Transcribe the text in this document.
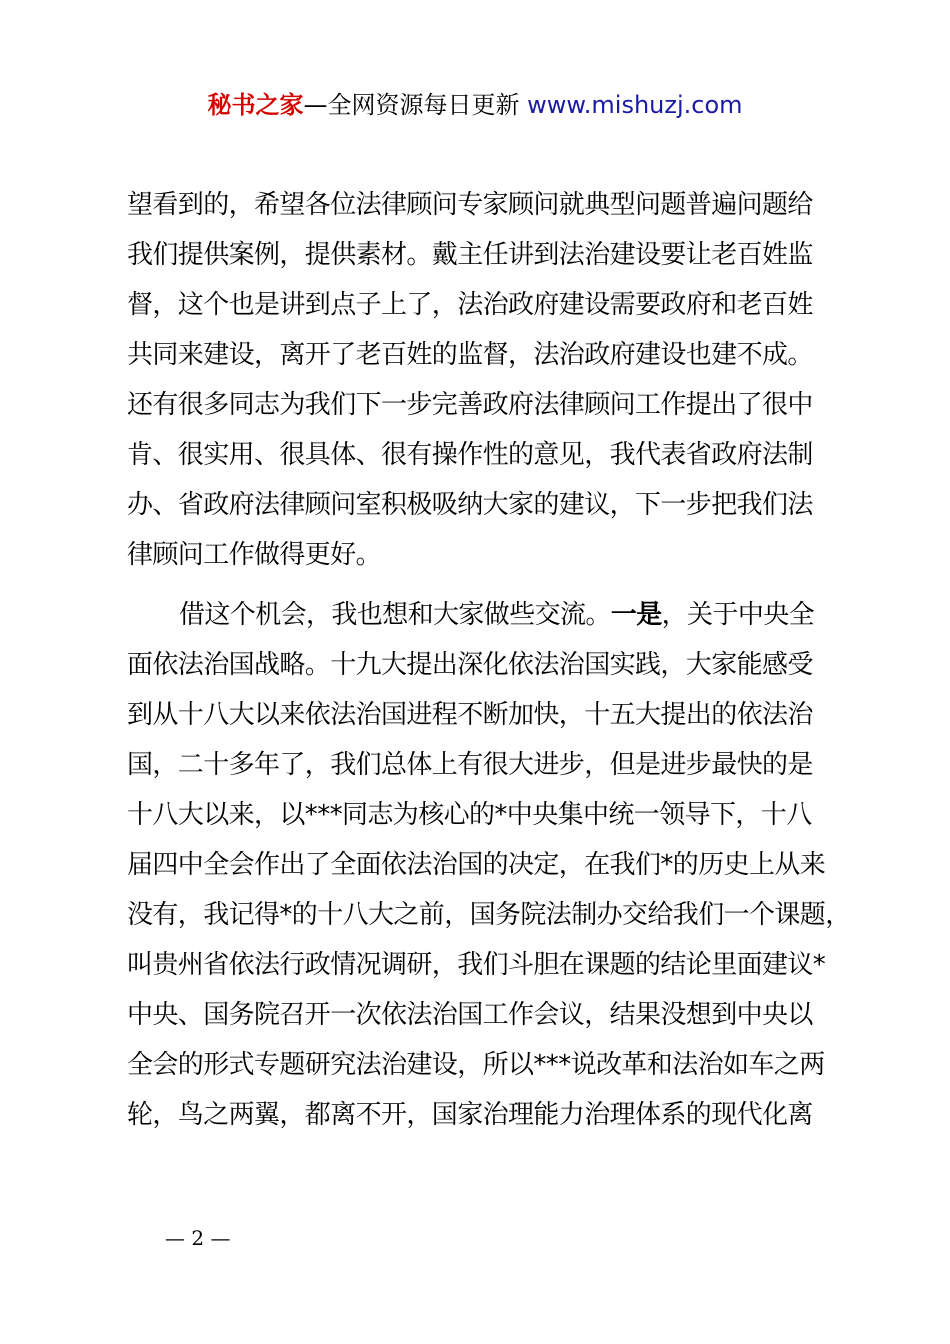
秘书之家—全网资源每日更新 www.mishuzj.com
望看到的，希望各位法律顾问专家顾问就典型问题普遍问题给
我们提供案例，提供素材。戴主任讲到法治建设要让老百姓监
督，这个也是讲到点子上了，法治政府建设需要政府和老百姓
共同来建设，离开了老百姓的监督，法治政府建设也建不成。
还有很多同志为我们下一步完善政府法律顾问工作提出了很中
肯、很实用、很具体、很有操作性的意见，我代表省政府法制
办、省政府法律顾问室积极吸纳大家的建议，下一步把我们法
律顾问工作做得更好。
借这个机会，我也想和大家做些交流。一是，关于中央全
面依法治国战略。十九大提出深化依法治国实践，大家能感受
到从十八大以来依法治国进程不断加快，十五大提出的依法治
国，二十多年了，我们总体上有很大进步，但是进步最快的是
十八大以来，以***同志为核心的*中央集中统一领导下，十八
届四中全会作出了全面依法治国的决定，在我们*的历史上从来
没有，我记得*的十八大之前，国务院法制办交给我们一个课题，
叫贵州省依法行政情况调研，我们斗胆在课题的结论里面建议*
中央、国务院召开一次依法治国工作会议，结果没想到中央以
全会的形式专题研究法治建设，所以***说改革和法治如车之两
轮，鸟之两翼，都离不开，国家治理能力治理体系的现代化离
— 2 —
